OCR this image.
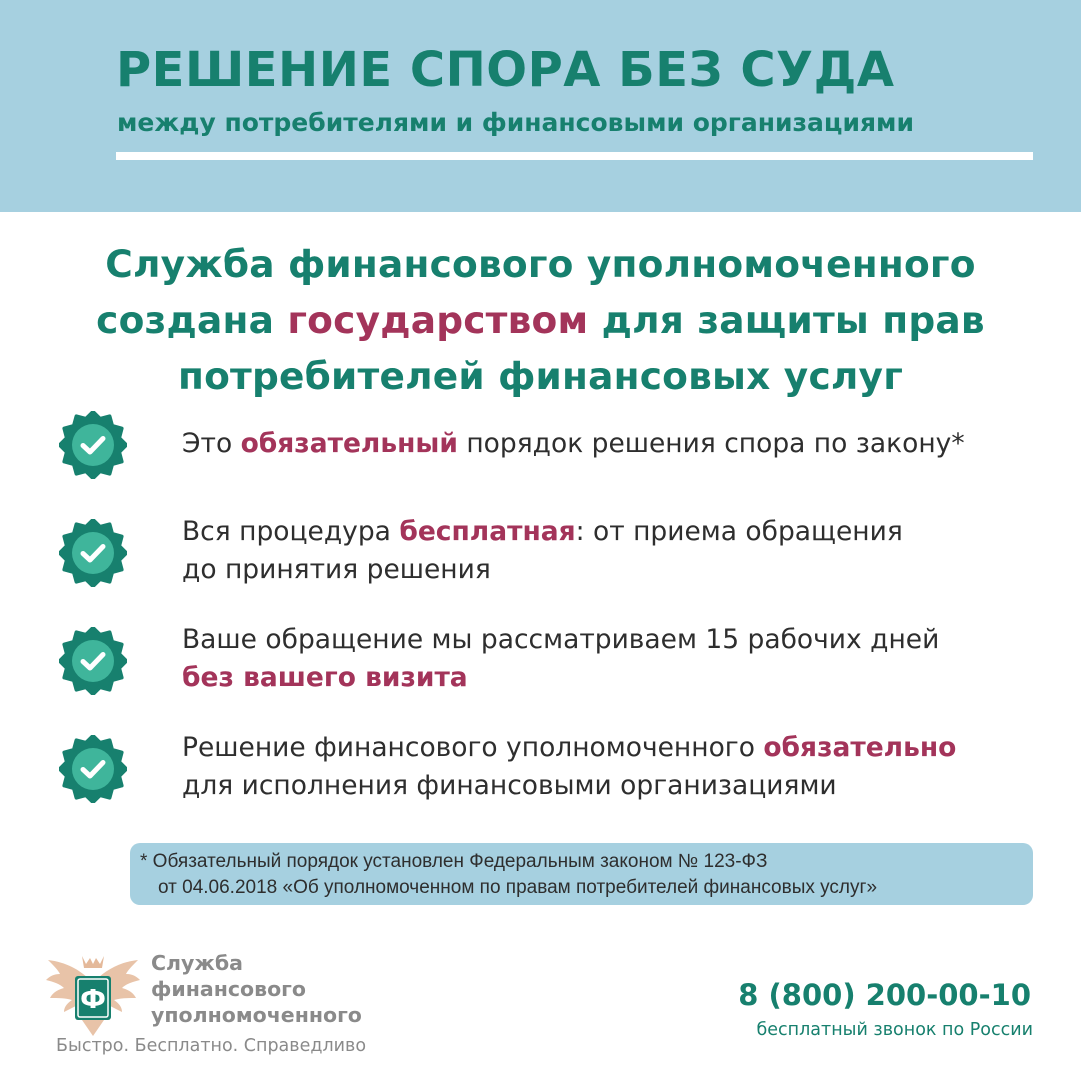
РЕШЕНИЕ СПОРА БЕЗ СУДА
между потребителями и финансовыми организациями
Служба финансового уполномоченного
создана государством для защиты прав
потребителей финансовых услуг
Это обязательный порядок решения спора по закону*
Вся процедура бесплатная: от приема обращения
до принятия решения
Ваше обращение мы рассматриваем 15 рабочих дней
без вашего визита
Решение финансового уполномоченного обязательно
для исполнения финансовыми организациями
* Обязательный порядок установлен Федеральным законом № 123-ФЗ
от 04.06.2018 «Об уполномоченном по правам потребителей финансовых услуг»
Ф
Служба
финансового
уполномоченного
Быстро. Бесплатно. Справедливо
8 (800) 200-00-10
бесплатный звонок по России
